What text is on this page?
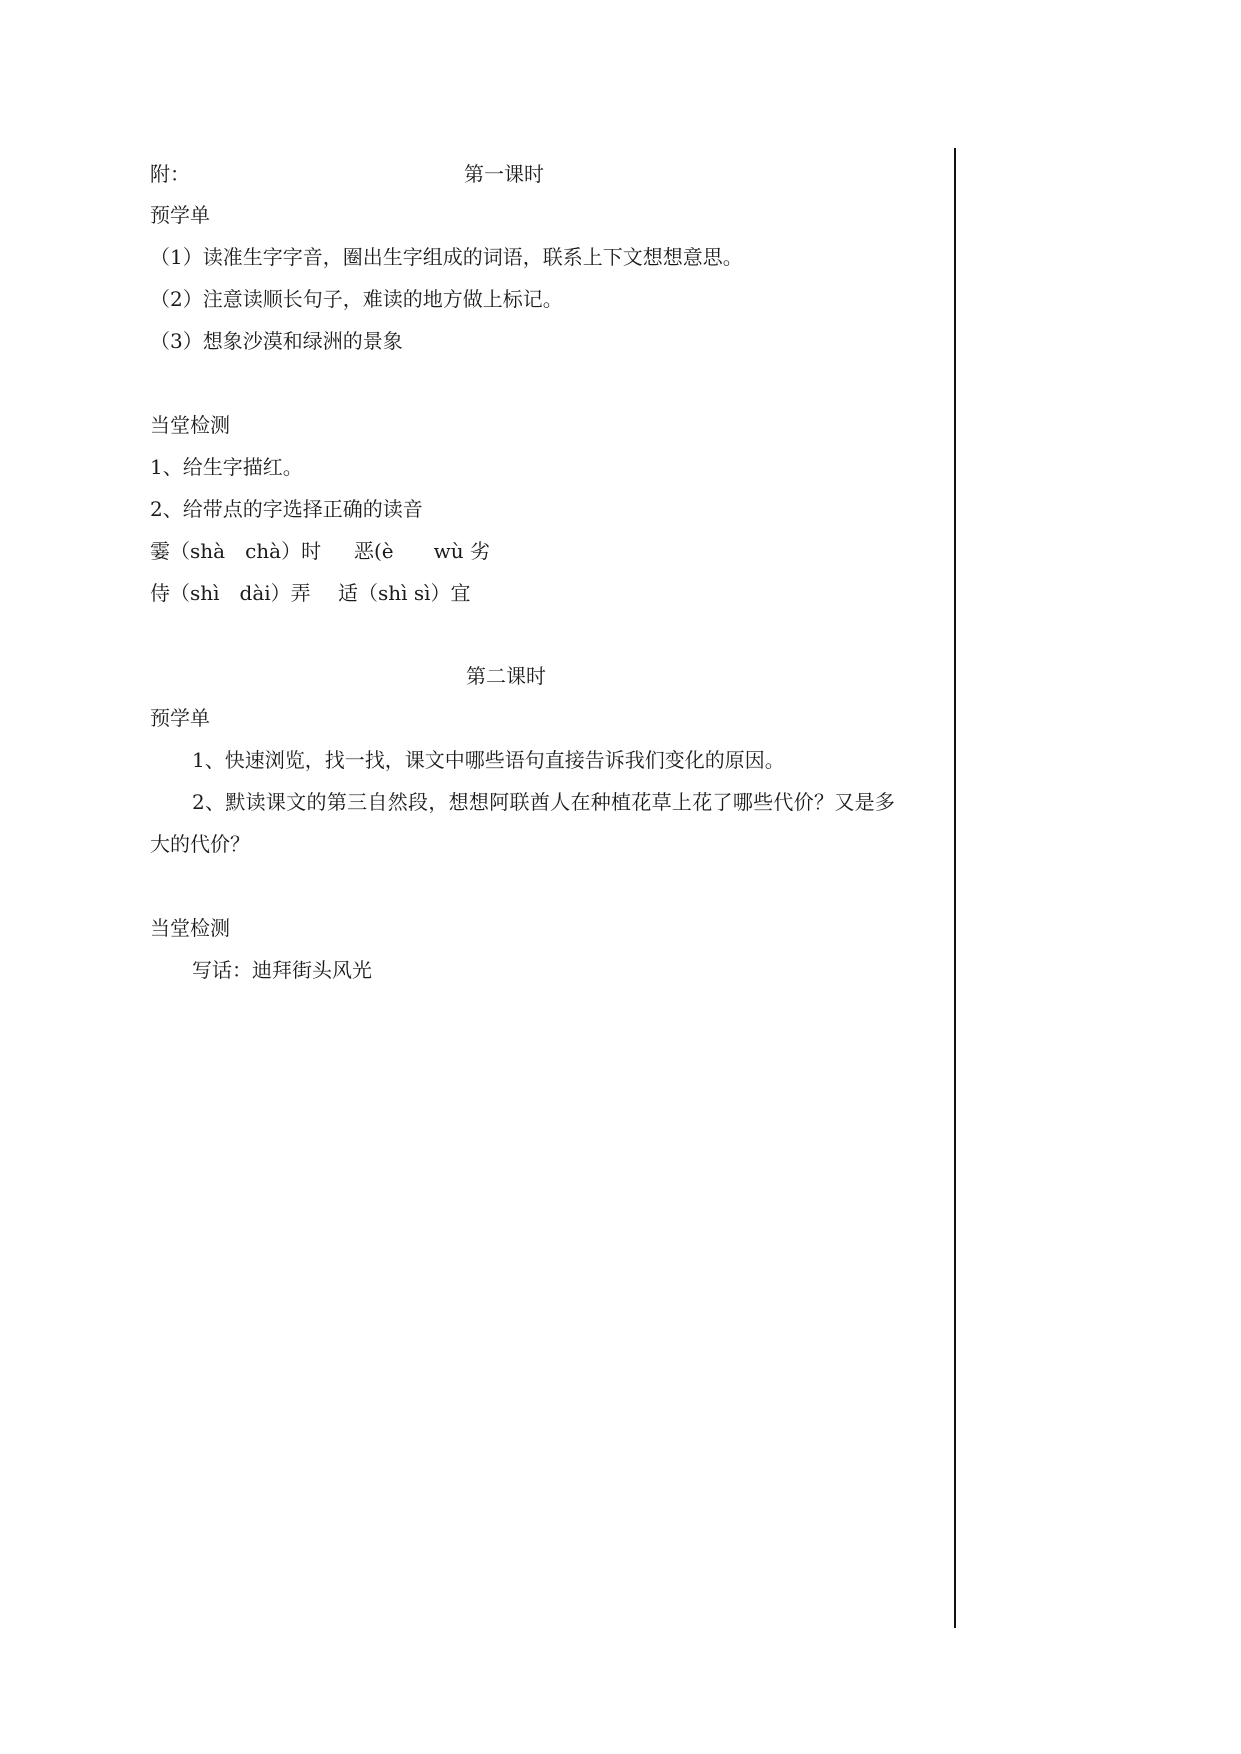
附：	第一课时
预学单
（1）读准生字字音，圈出生字组成的词语，联系上下文想想意思。
（2）注意读顺长句子，难读的地方做上标记。
（3）想象沙漠和绿洲的景象
当堂检测
1、给生字描红。
2、给带点的字选择正确的读音
霎（shà　chà）时 恶(è　　wù 劣
侍（shì　dài）弄 适（shì sì）宜
第二课时
预学单
1、快速浏览，找一找，课文中哪些语句直接告诉我们变化的原因。
2、默读课文的第三自然段，想想阿联酋人在种植花草上花了哪些代价？又是多
大的代价？
当堂检测
写话：迪拜街头风光
